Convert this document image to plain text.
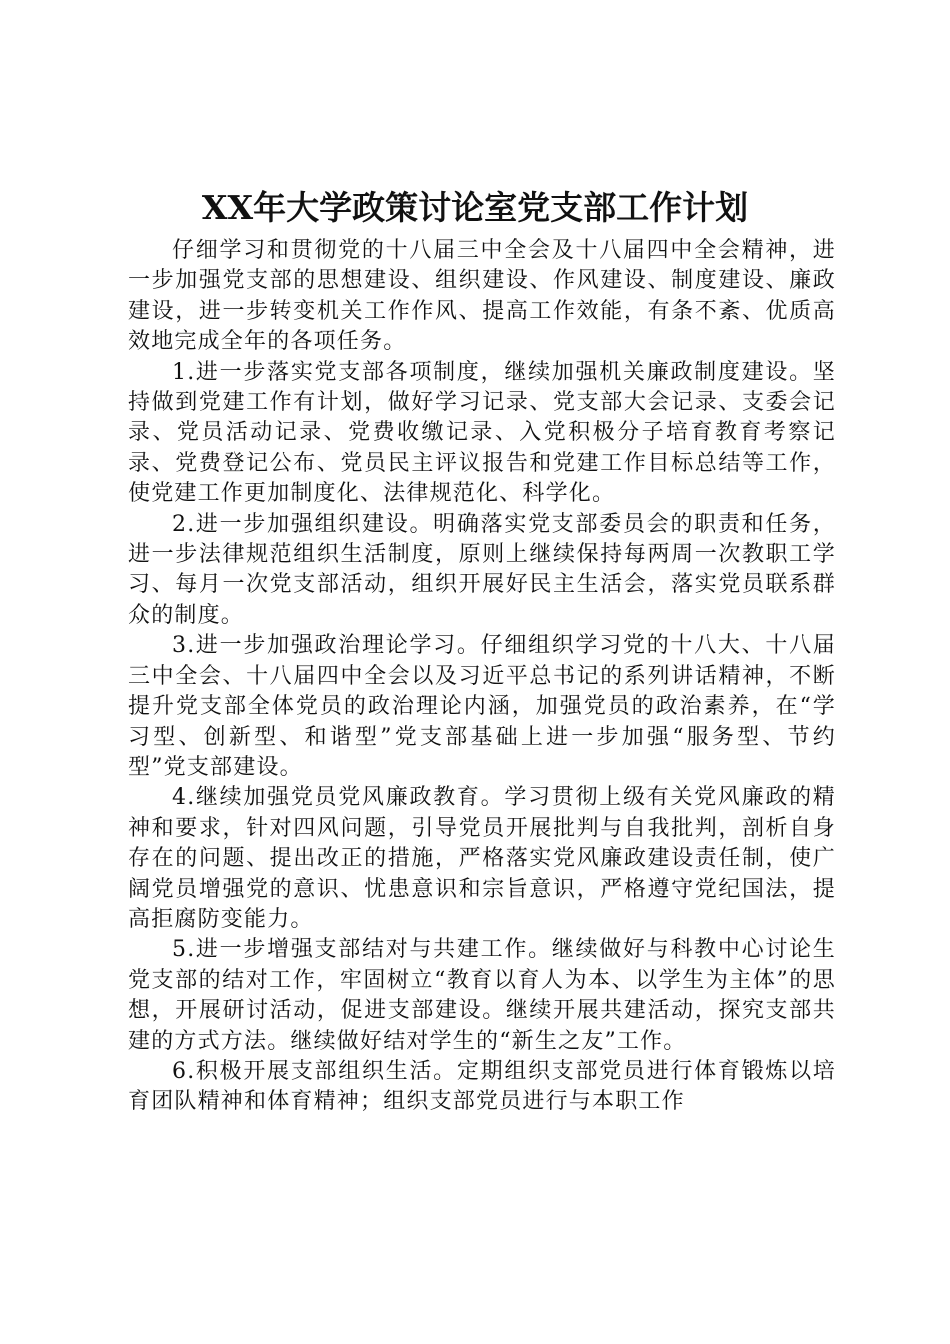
XX年大学政策讨论室党支部工作计划

仔细学习和贯彻党的十八届三中全会及十八届四中全会精神，进一步加强党支部的思想建设、组织建设、作风建设、制度建设、廉政建设，进一步转变机关工作作风、提高工作效能，有条不紊、优质高效地完成全年的各项任务。

1.进一步落实党支部各项制度，继续加强机关廉政制度建设。坚持做到党建工作有计划，做好学习记录、党支部大会记录、支委会记录、党员活动记录、党费收缴记录、入党积极分子培育教育考察记录、党费登记公布、党员民主评议报告和党建工作目标总结等工作，使党建工作更加制度化、法律规范化、科学化。

2.进一步加强组织建设。明确落实党支部委员会的职责和任务，进一步法律规范组织生活制度，原则上继续保持每两周一次教职工学习、每月一次党支部活动，组织开展好民主生活会，落实党员联系群众的制度。

3.进一步加强政治理论学习。仔细组织学习党的十八大、十八届三中全会、十八届四中全会以及习近平总书记的系列讲话精神，不断提升党支部全体党员的政治理论内涵，加强党员的政治素养，在“学习型、创新型、和谐型”党支部基础上进一步加强“服务型、节约型”党支部建设。

4.继续加强党员党风廉政教育。学习贯彻上级有关党风廉政的精神和要求，针对四风问题，引导党员开展批判与自我批判，剖析自身存在的问题、提出改正的措施，严格落实党风廉政建设责任制，使广阔党员增强党的意识、忧患意识和宗旨意识，严格遵守党纪国法，提高拒腐防变能力。

5.进一步增强支部结对与共建工作。继续做好与科教中心讨论生党支部的结对工作，牢固树立“教育以育人为本、以学生为主体”的思想，开展研讨活动，促进支部建设。继续开展共建活动，探究支部共建的方式方法。继续做好结对学生的“新生之友”工作。

6.积极开展支部组织生活。定期组织支部党员进行体育锻炼以培育团队精神和体育精神；组织支部党员进行与本职工作
